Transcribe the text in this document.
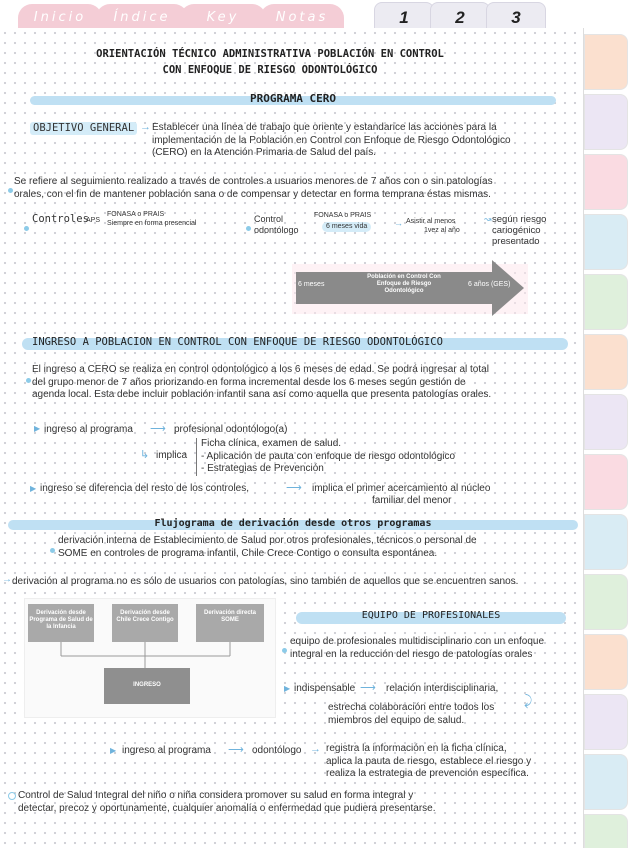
Inicio	Índice	Key	Notas	1	2	3
ORIENTACIÓN TÉCNICO ADMINISTRATIVA POBLACIÓN EN CONTROL
CON ENFOQUE DE RIESGO ODONTOLÓGICO
PROGRAMA CERO
OBJETIVO GENERAL → Establecer una línea de trabajo que oriente y estandarice las acciones para la
implementación de la Población en Control con Enfoque de Riesgo Odontológico
(CERO) en la Atención Primaria de Salud del país.
Se refiere al seguimiento realizado a través de controles a usuarios menores de 7 años con o sin patologías
orales, con el fin de mantener población sana o de compensar y detectar en forma temprana éstas mismas.
Controles
APS
FONASA o PRAIS
Siempre en forma presencial	Control
odontólogo
FONASA o PRAIS
6 meses vida	→ Asistir al menos
1vez al año
↝ según riesgo
cariogénico
presentado
6 meses
Población en Control Con
Enfoque de Riesgo
Odontológico
6 años (GES)
INGRESO A POBLACION EN CONTROL CON ENFOQUE DE RIESGO ODONTOLÓGICO
El ingreso a CERO se realiza en control odontológico a los 6 meses de edad. Se podrá ingresar al total
del grupo menor de 7 años priorizando en forma incremental desde los 6 meses según gestión de
agenda local. Esta debe incluir población infantil sana así como aquella que presenta patologías orales.
▶ ingreso al programa ⟶ profesional odontólogo(a)
↳ implica
Ficha clínica, examen de salud.
- Aplicación de pauta con enfoque de riesgo odontológico
- Estrategias de Prevención
▶ ingreso se diferencia del resto de los controles,	⟶ implica el primer acercamiento al núcleo
familiar del menor
Flujograma de derivación desde otros programas
derivación interna de Establecimiento de Salud por otros profesionales, técnicos o personal de
SOME en controles de programa infantil, Chile Crece Contigo o consulta espontánea.
→ derivación al programa no es sólo de usuarios con patologías, sino también de aquellos que se encuentren sanos.
Derivación desde Programa de Salud de la Infancia
Derivación desde Chile Crece Contigo
Derivación directa SOME
INGRESO
EQUIPO DE PROFESIONALES
equipo de profesionales multidisciplinario con un enfoque
integral en la reducción del riesgo de patologías orales
▶ indispensable ⟶ relación interdisciplinaria,
⤸
estrecha colaboración entre todos los
miembros del equipo de salud.
▶ ingreso al programa ⟶ odontólogo → registra la información en la ficha clínica,
aplica la pauta de riesgo, establece el riesgo y
realiza la estrategia de prevención específica.
Control de Salud Integral del niño o niña considera promover su salud en forma integral y
detectar, precoz y oportunamente, cualquier anomalía o enfermedad que pudiera presentarse.
